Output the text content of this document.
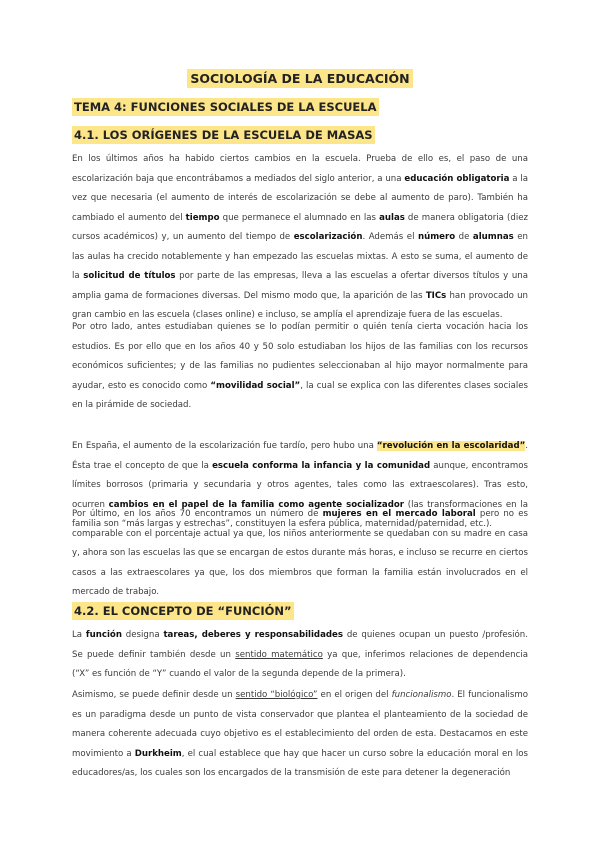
SOCIOLOGÍA DE LA EDUCACIÓN
TEMA 4: FUNCIONES SOCIALES DE LA ESCUELA
4.1. LOS ORÍGENES DE LA ESCUELA DE MASAS

En los últimos años ha habido ciertos cambios en la escuela. Prueba de ello es, el paso de una escolarización baja que encontrábamos a mediados del siglo anterior, a una educación obligatoria a la vez que necesaria (el aumento de interés de escolarización se debe al aumento de paro). También ha cambiado el aumento del tiempo que permanece el alumnado en las aulas de manera obligatoria (diez cursos académicos) y, un aumento del tiempo de escolarización. Además el número de alumnas en las aulas ha crecido notablemente y han empezado las escuelas mixtas. A esto se suma, el aumento de la solicitud de títulos por parte de las empresas, lleva a las escuelas a ofertar diversos títulos y una amplia gama de formaciones diversas. Del mismo modo que, la aparición de las TICs han provocado un gran cambio en las escuela (clases online) e incluso, se amplía el aprendizaje fuera de las escuelas.

Por otro lado, antes estudiaban quienes se lo podían permitir o quién tenía cierta vocación hacia los estudios. Es por ello que en los años 40 y 50 solo estudiaban los hijos de las familias con los recursos económicos suficientes; y de las familias no pudientes seleccionaban al hijo mayor normalmente para ayudar, esto es conocido como “movilidad social”, la cual se explica con las diferentes clases sociales en la pirámide de sociedad.

En España, el aumento de la escolarización fue tardío, pero hubo una “revolución en la escolaridad”. Ésta trae el concepto de que la escuela conforma la infancia y la comunidad aunque, encontramos límites borrosos (primaria y secundaria y otros agentes, tales como las extraescolares). Tras esto, ocurren cambios en el papel de la familia como agente socializador (las transformaciones en la familia son “más largas y estrechas”, constituyen la esfera pública, maternidad/paternidad, etc.).

Por último, en los años 70 encontramos un número de mujeres en el mercado laboral pero no es comparable con el porcentaje actual ya que, los niños anteriormente se quedaban con su madre en casa y, ahora son las escuelas las que se encargan de estos durante más horas, e incluso se recurre en ciertos casos a las extraescolares ya que, los dos miembros que forman la familia están involucrados en el mercado de trabajo.

4.2. EL CONCEPTO DE “FUNCIÓN”

La función designa tareas, deberes y responsabilidades de quienes ocupan un puesto /profesión. Se puede definir también desde un sentido matemático ya que, inferimos relaciones de dependencia (“X” es función de “Y” cuando el valor de la segunda depende de la primera).

Asimismo, se puede definir desde un sentido “biológico” en el origen del funcionalismo. El funcionalismo es un paradigma desde un punto de vista conservador que plantea el planteamiento de la sociedad de manera coherente adecuada cuyo objetivo es el establecimiento del orden de esta. Destacamos en este movimiento a Durkheim, el cual establece que hay que hacer un curso sobre la educación moral en los educadores/as, los cuales son los encargados de la transmisión de este para detener la degeneración
